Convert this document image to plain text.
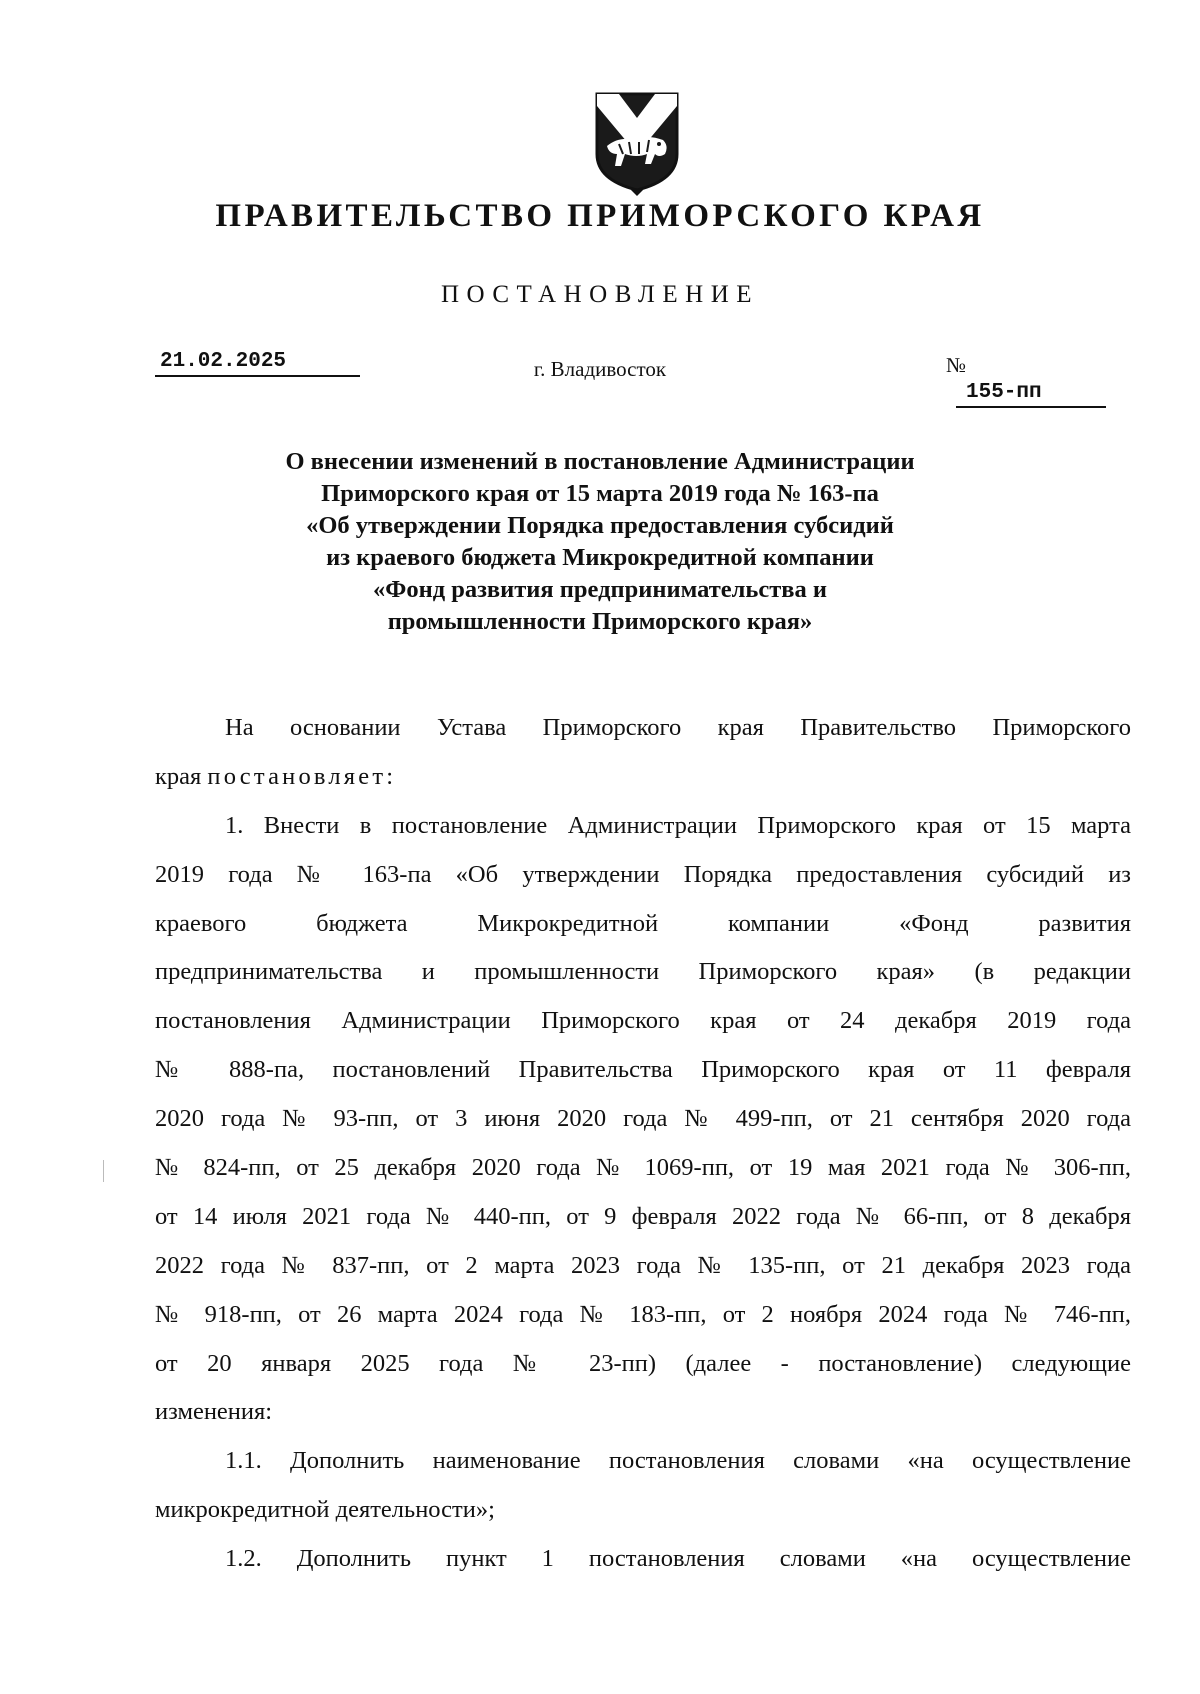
ПРАВИТЕЛЬСТВО ПРИМОРСКОГО КРАЯ
ПОСТАНОВЛЕНИЕ
21.02.2025	г. Владивосток	№155-пп
О внесении изменений в постановление Администрации
Приморского края от 15 марта 2019 года № 163-па
«Об утверждении Порядка предоставления субсидий
из краевого бюджета Микрокредитной компании
«Фонд развития предпринимательства и
промышленности Приморского края»
На основании Устава Приморского края Правительство Приморского
края постановляет:
1. Внести в постановление Администрации Приморского края от 15 марта
2019 года № 163-па «Об утверждении Порядка предоставления субсидий из
краевого бюджета Микрокредитной компании «Фонд развития
предпринимательства и промышленности Приморского края» (в редакции
постановления Администрации Приморского края от 24 декабря 2019 года
№ 888-па, постановлений Правительства Приморского края от 11 февраля
2020 года № 93-пп, от 3 июня 2020 года № 499-пп, от 21 сентября 2020 года
№ 824-пп, от 25 декабря 2020 года № 1069-пп, от 19 мая 2021 года № 306-пп,
от 14 июля 2021 года № 440-пп, от 9 февраля 2022 года № 66-пп, от 8 декабря
2022 года № 837-пп, от 2 марта 2023 года № 135-пп, от 21 декабря 2023 года
№ 918-пп, от 26 марта 2024 года № 183-пп, от 2 ноября 2024 года № 746-пп,
от 20 января 2025 года № 23-пп) (далее - постановление) следующие
изменения:
1.1. Дополнить наименование постановления словами «на осуществление
микрокредитной деятельности»;
1.2. Дополнить пункт 1 постановления словами «на осуществление
